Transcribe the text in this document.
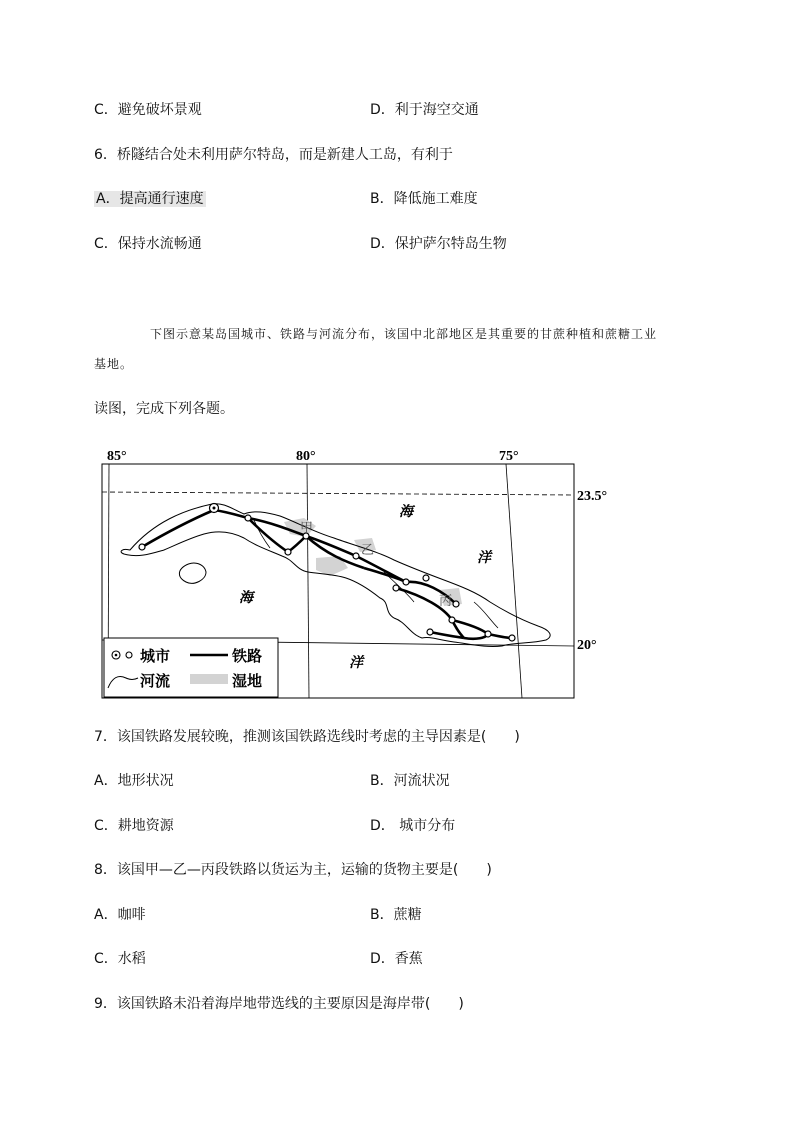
C．避免破坏景观	D．利于海空交通
6．桥隧结合处未利用萨尔特岛，而是新建人工岛，有利于
A．提高通行速度	B．降低施工难度
C．保持水流畅通	D．保护萨尔特岛生物
下图示意某岛国城市、铁路与河流分布，该国中北部地区是其重要的甘蔗种植和蔗糖工业
基地。
读图，完成下列各题。
85°	80°	75°
23.5°
20°
甲
乙
丙
海
洋
海
洋
城市	铁路
河流	湿地
7．该国铁路发展较晚，推测该国铁路选线时考虑的主导因素是(　　)
A．地形状况	B．河流状况
C．耕地资源	D． 城市分布
8．该国甲—乙—丙段铁路以货运为主，运输的货物主要是(　　)
A．咖啡	B．蔗糖
C．水稻	D．香蕉
9．该国铁路未沿着海岸地带选线的主要原因是海岸带(　　)
